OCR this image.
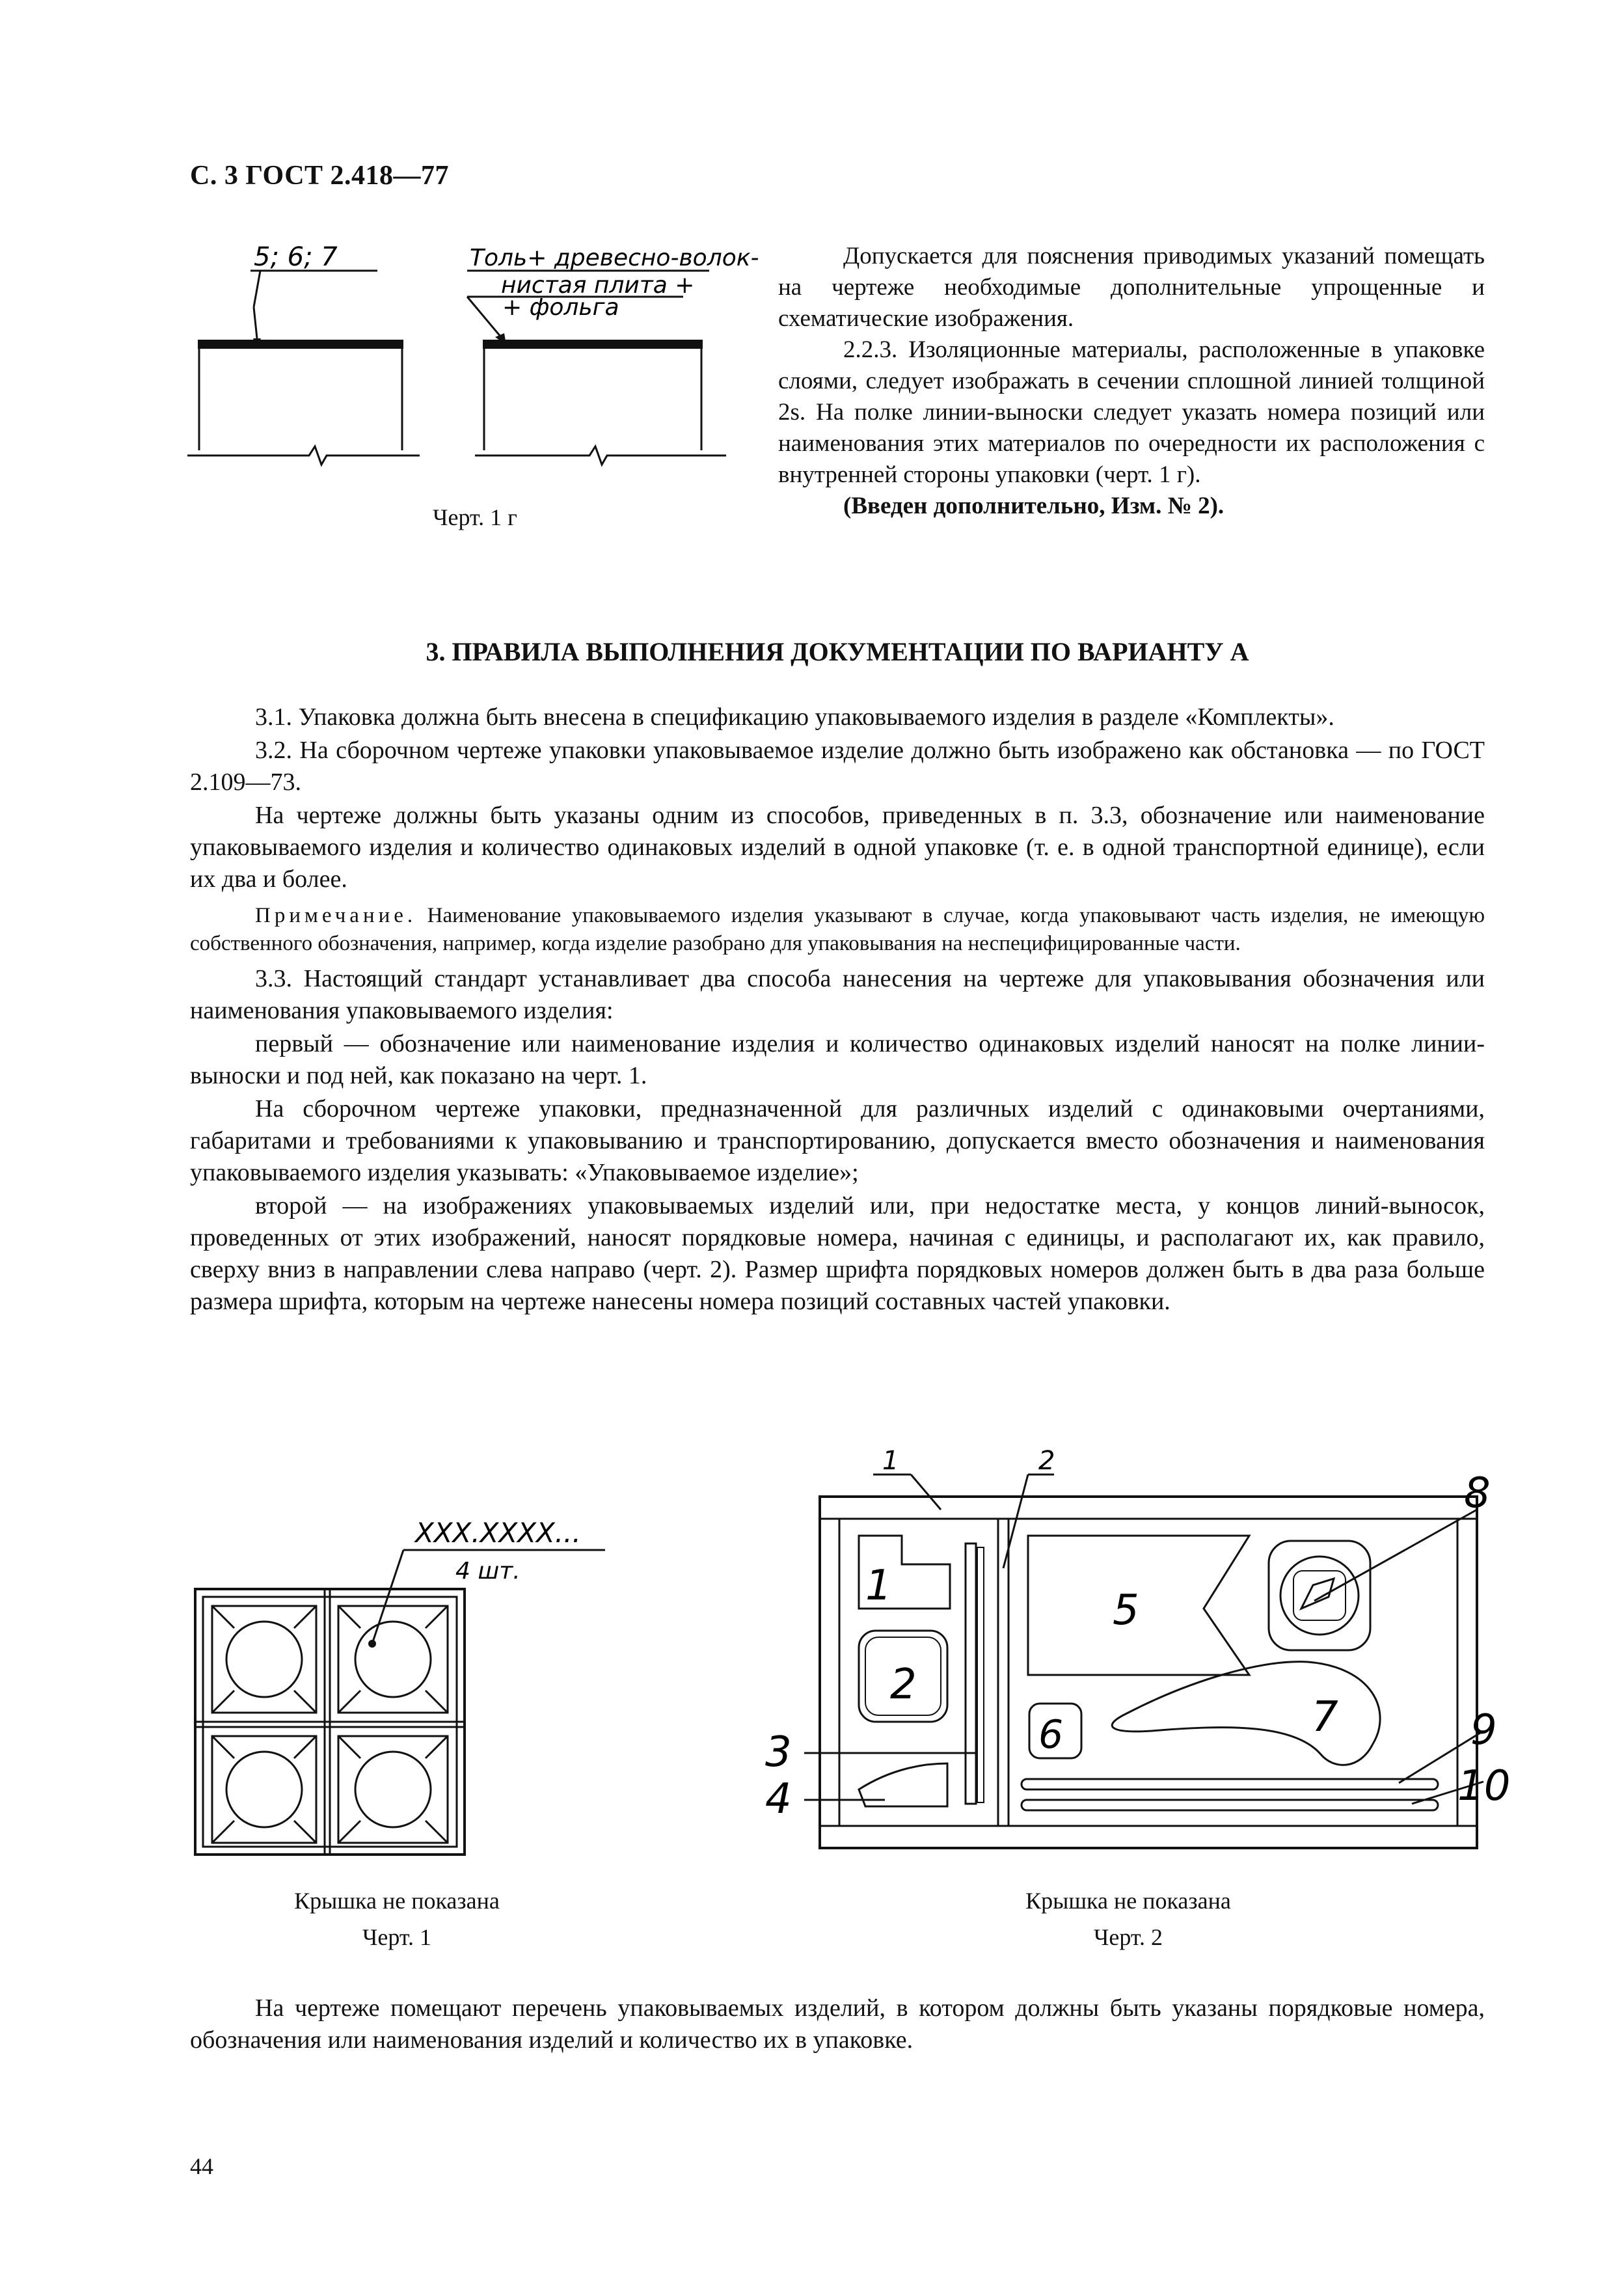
С. 3 ГОСТ 2.418—77
5; 6; 7	Толь+ древесно-волок-
нистая плита +
+ фольга
Черт. 1 г

Допускается для пояснения приводимых указаний помещать на чертеже необходимые дополнительные упрощенные и схематические изображения.

2.2.3. Изоляционные материалы, расположенные в упаковке слоями, следует изображать в сечении сплошной линией толщиной 2s. На полке линии-выноски следует указать номера позиций или наименования этих материалов по очередности их расположения с внутренней стороны упаковки (черт. 1 г).

(Введен дополнительно, Изм. № 2).

3. ПРАВИЛА ВЫПОЛНЕНИЯ ДОКУМЕНТАЦИИ ПО ВАРИАНТУ А

3.1. Упаковка должна быть внесена в спецификацию упаковываемого изделия в разделе «Комплекты».

3.2. На сборочном чертеже упаковки упаковываемое изделие должно быть изображено как обстановка — по ГОСТ 2.109—73.

На чертеже должны быть указаны одним из способов, приведенных в п. 3.3, обозначение или наименование упаковываемого изделия и количество одинаковых изделий в одной упаковке (т. е. в одной транспортной единице), если их два и более.

Примечание. Наименование упаковываемого изделия указывают в случае, когда упаковывают часть изделия, не имеющую собственного обозначения, например, когда изделие разобрано для упаковывания на неспецифицированные части.

3.3. Настоящий стандарт устанавливает два способа нанесения на чертеже для упаковывания обозначения или наименования упаковываемого изделия:

первый — обозначение или наименование изделия и количество одинаковых изделий наносят на полке линии-выноски и под ней, как показано на черт. 1.

На сборочном чертеже упаковки, предназначенной для различных изделий с одинаковыми очертаниями, габаритами и требованиями к упаковыванию и транспортированию, допускается вместо обозначения и наименования упаковываемого изделия указывать: «Упаковываемое изделие»;

второй — на изображениях упаковываемых изделий или, при недостатке места, у концов линий-выносок, проведенных от этих изображений, наносят порядковые номера, начиная с единицы, и располагают их, как правило, сверху вниз в направлении слева направо (черт. 2). Размер шрифта порядковых номеров должен быть в два раза больше размера шрифта, которым на чертеже нанесены номера позиций составных частей упаковки.

XXX.XXXX...
4 шт.
Крышка не показана
Черт. 1
1	2
1
2
3
4
5
6	7
8
9
10
Крышка не показана
Черт. 2

На чертеже помещают перечень упаковываемых изделий, в котором должны быть указаны порядковые номера, обозначения или наименования изделий и количество их в упаковке.

44
